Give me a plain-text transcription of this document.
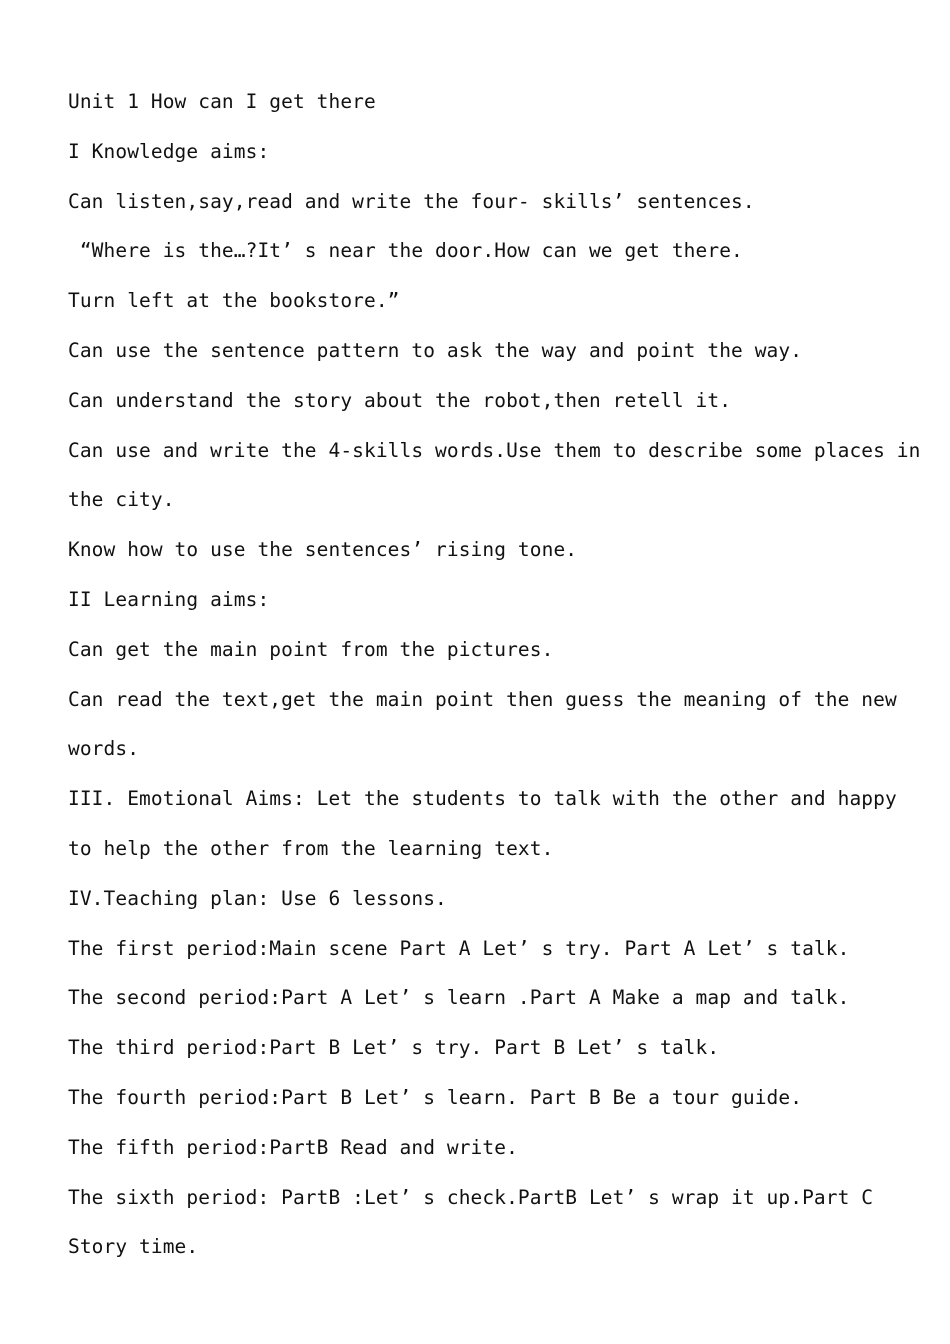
Unit 1 How can I get there
I Knowledge aims:
Can listen,say,read and write the four- skills’ sentences.
“Where is the…?It’ s near the door.How can we get there.
Turn left at the bookstore.”
Can use the sentence pattern to ask the way and point the way.
Can understand the story about the robot,then retell it.
Can use and write the 4-skills words.Use them to describe some places in
the city.
Know how to use the sentences’ rising tone.
II Learning aims:
Can get the main point from the pictures.
Can read the text,get the main point then guess the meaning of the new
words.
III. Emotional Aims: Let the students to talk with the other and happy
to help the other from the learning text.
IV.Teaching plan: Use 6 lessons.
The first period:Main scene Part A Let’ s try. Part A Let’ s talk.
The second period:Part A Let’ s learn .Part A Make a map and talk.
The third period:Part B Let’ s try. Part B Let’ s talk.
The fourth period:Part B Let’ s learn. Part B Be a tour guide.
The fifth period:PartB Read and write.
The sixth period: PartB :Let’ s check.PartB Let’ s wrap it up.Part C
Story time.
